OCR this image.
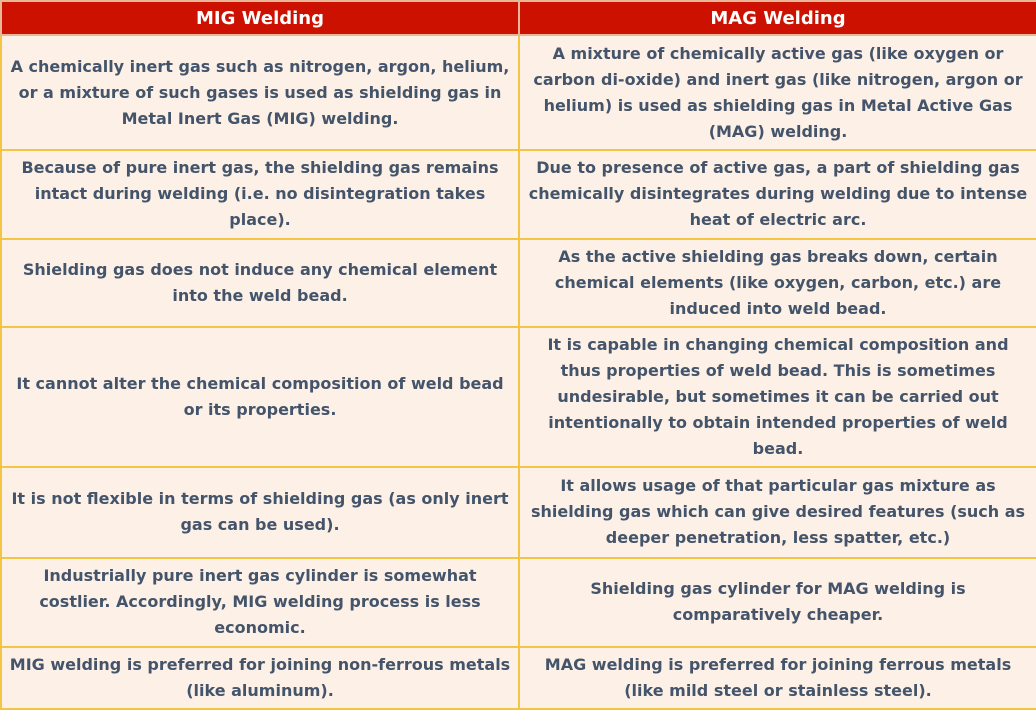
MIG Welding	MAG Welding
A chemically inert gas such as nitrogen, argon, helium, or a mixture of such gases is used as shielding gas in Metal Inert Gas (MIG) welding.	A mixture of chemically active gas (like oxygen or carbon di-oxide) and inert gas (like nitrogen, argon or helium) is used as shielding gas in Metal Active Gas (MAG) welding.
Because of pure inert gas, the shielding gas remains intact during welding (i.e. no disintegration takes place).	Due to presence of active gas, a part of shielding gas chemically disintegrates during welding due to intense heat of electric arc.
Shielding gas does not induce any chemical element into the weld bead.	As the active shielding gas breaks down, certain chemical elements (like oxygen, carbon, etc.) are induced into weld bead.
It cannot alter the chemical composition of weld bead or its properties.	It is capable in changing chemical composition and thus properties of weld bead. This is sometimes undesirable, but sometimes it can be carried out intentionally to obtain intended properties of weld bead.
It is not flexible in terms of shielding gas (as only inert gas can be used).	It allows usage of that particular gas mixture as shielding gas which can give desired features (such as deeper penetration, less spatter, etc.)
Industrially pure inert gas cylinder is somewhat costlier. Accordingly, MIG welding process is less economic.	Shielding gas cylinder for MAG welding is comparatively cheaper.
MIG welding is preferred for joining non-ferrous metals (like aluminum).	MAG welding is preferred for joining ferrous metals (like mild steel or stainless steel).
